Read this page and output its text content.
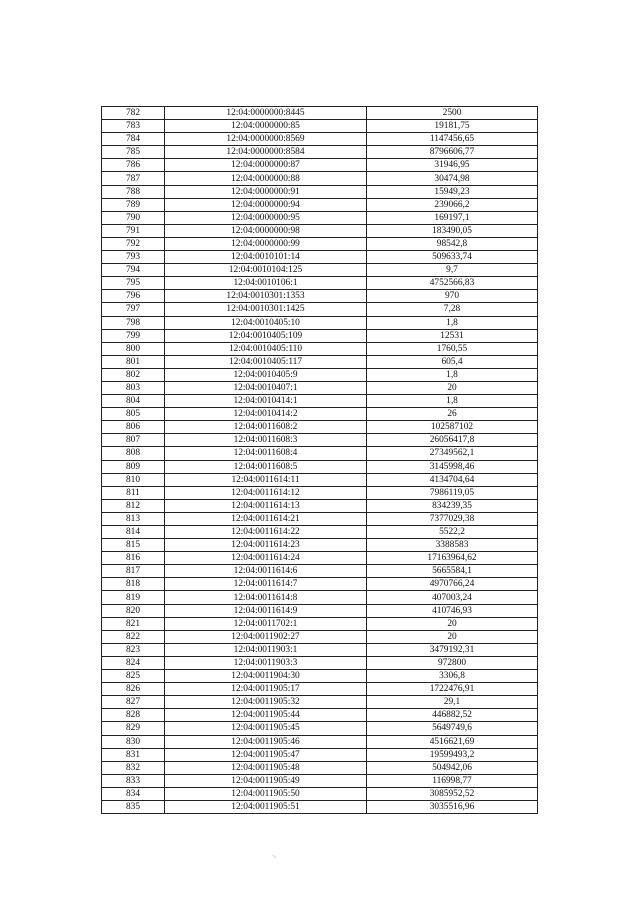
782	12:04:0000000:8445	2500
783	12:04:0000000:85	19181,75
784	12:04:0000000:8569	1147456,65
785	12:04:0000000:8584	8796606,77
786	12:04:0000000:87	31946,95
787	12:04:0000000:88	30474,98
788	12:04:0000000:91	15949,23
789	12:04:0000000:94	239066,2
790	12:04:0000000:95	169197,1
791	12:04:0000000:98	183490,05
792	12:04:0000000:99	98542,8
793	12:04:0010101:14	509633,74
794	12:04:0010104:125	9,7
795	12:04:0010106:1	4752566,83
796	12:04:0010301:1353	970
797	12:04:0010301:1425	7,28
798	12:04:0010405:10	1,8
799	12:04:0010405:109	12531
800	12:04:0010405:110	1760,55
801	12:04:0010405:117	605,4
802	12:04:0010405:9	1,8
803	12:04:0010407:1	20
804	12:04:0010414:1	1,8
805	12:04:0010414:2	26
806	12:04:0011608:2	102587102
807	12:04:0011608:3	26056417,8
808	12:04:0011608:4	27349562,1
809	12:04:0011608:5	3145998,46
810	12:04:0011614:11	4134704,64
811	12:04:0011614:12	7986119,05
812	12:04:0011614:13	834239,35
813	12:04:0011614:21	7377029,38
814	12:04:0011614:22	5522,2
815	12:04:0011614:23	3388583
816	12:04:0011614:24	17163964,62
817	12:04:0011614:6	5665584,1
818	12:04:0011614:7	4970766,24
819	12:04:0011614:8	407003,24
820	12:04:0011614:9	410746,93
821	12:04:0011702:1	20
822	12:04:0011902:27	20
823	12:04:0011903:1	3479192,31
824	12:04:0011903:3	972800
825	12:04:0011904:30	3306,8
826	12:04:0011905:17	1722476,91
827	12:04:0011905:32	29,1
828	12:04:0011905:44	446882,52
829	12:04:0011905:45	5649749,6
830	12:04:0011905:46	4516621,69
831	12:04:0011905:47	19599493,2
832	12:04:0011905:48	504942,06
833	12:04:0011905:49	116998,77
834	12:04:0011905:50	3085952,52
835	12:04:0011905:51	3035516,96
⸌
